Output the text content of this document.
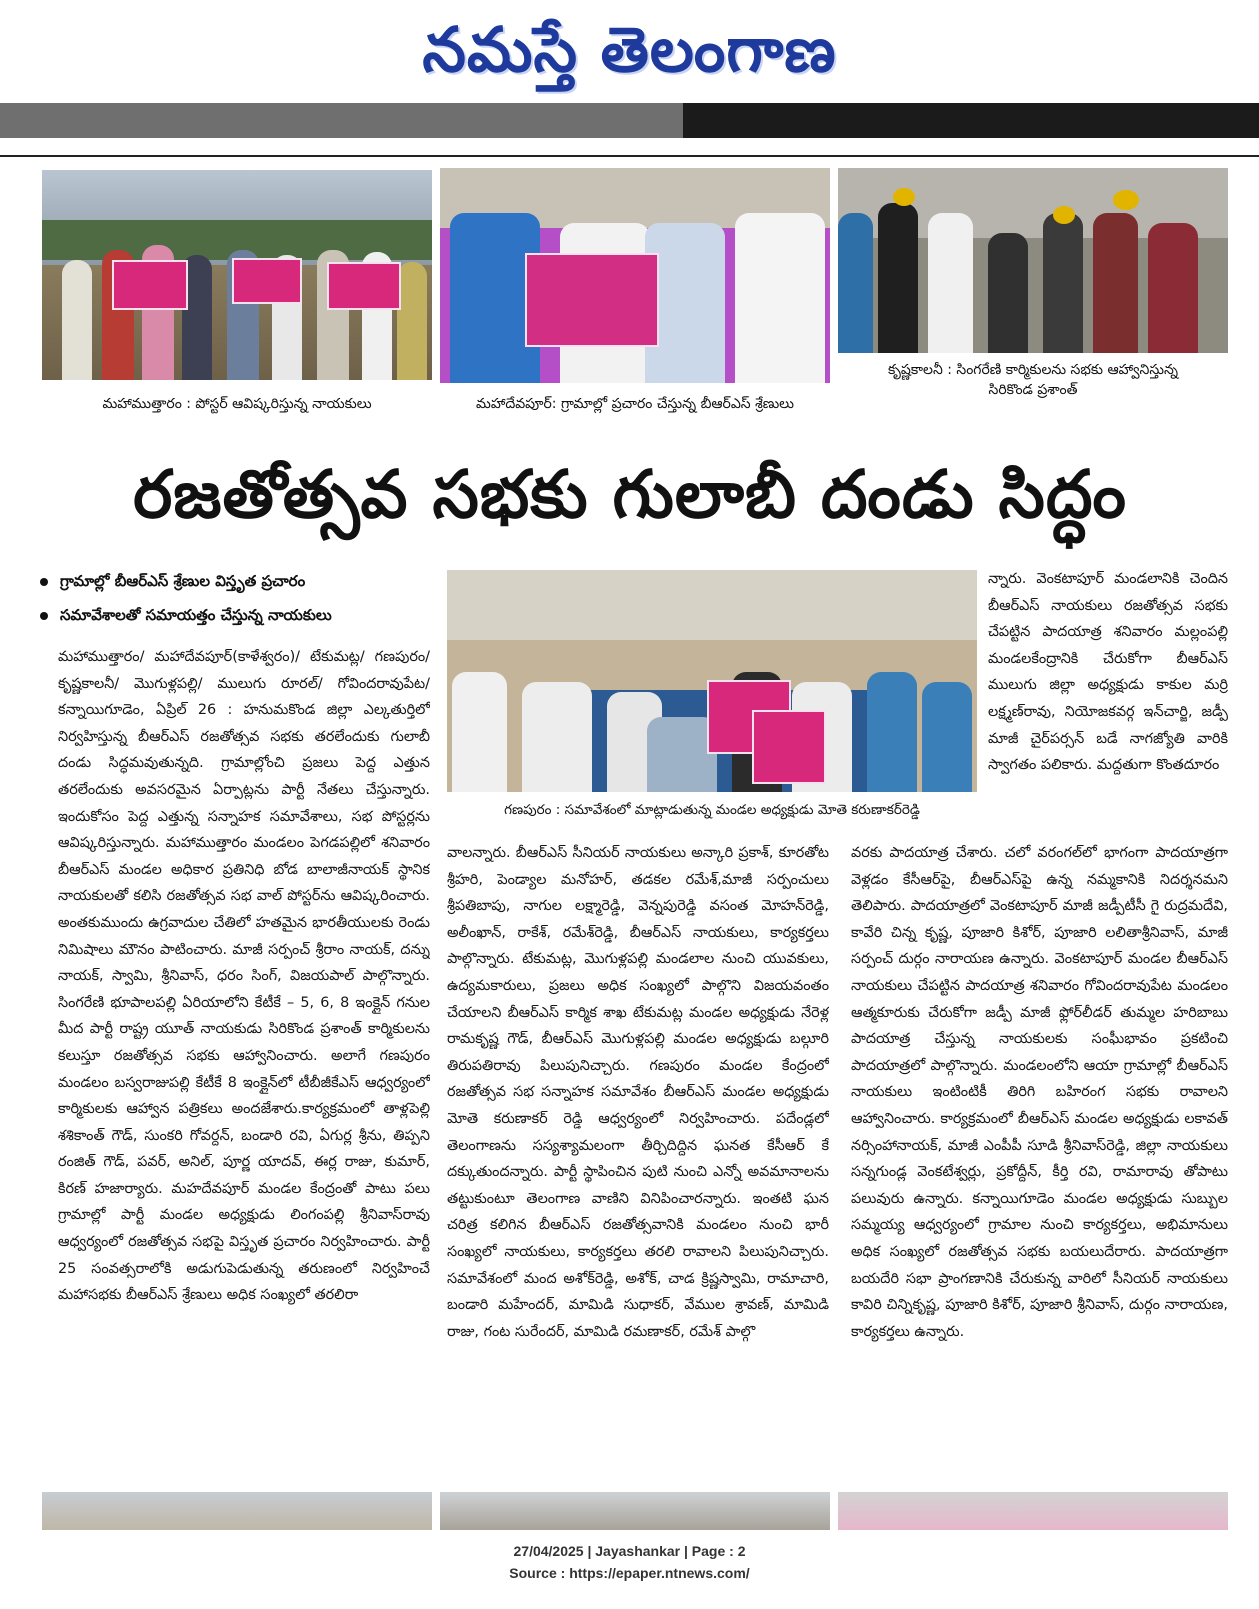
నమస్తే తెలంగాణ
మహాముత్తారం : పోస్టర్ ఆవిష్కరిస్తున్న నాయకులు	మహాదేవపూర్: గ్రామాల్లో ప్రచారం చేస్తున్న బీఆర్ఎస్ శ్రేణులు
కృష్ణకాలనీ : సింగరేణి కార్మికులను సభకు ఆహ్వానిస్తున్న
సిరికొండ ప్రశాంత్
రజతోత్సవ సభకు గులాబీ దండు సిద్ధం
గ్రామాల్లో బీఆర్ఎస్ శ్రేణుల విస్తృత ప్రచారం
సమావేశాలతో సమాయత్తం చేస్తున్న నాయకులు
గణపురం : సమావేశంలో మాట్లాడుతున్న మండల అధ్యక్షుడు మోతె కరుణాకర్‌రెడ్డి

మహాముత్తారం/ మహాదేవపూర్(కాళేశ్వరం)/ టేకుమట్ల/ గణపురం/ కృష్ణకాలనీ/ మొగుళ్లపల్లి/ ములుగు రూరల్/ గోవిందరావుపేట/ కన్నాయిగూడెం, ఏప్రిల్ 26 : హనుమకొండ జిల్లా ఎల్కతుర్తిలో నిర్వహిస్తున్న బీఆర్ఎస్ రజతోత్సవ సభకు తరలేందుకు గులాబీ దండు సిద్ధమవుతున్నది. గ్రామాల్లోంచి ప్రజలు పెద్ద ఎత్తున తరలేందుకు అవసరమైన ఏర్పాట్లను పార్టీ నేతలు చేస్తున్నారు. ఇందుకోసం పెద్ద ఎత్తున్న సన్నాహక సమావేశాలు, సభ పోస్టర్లను ఆవిష్కరిస్తున్నారు. మహాముత్తారం మండలం పెగడపల్లిలో శనివారం బీఆర్ఎస్ మండల అధికార ప్రతినిధి బోడ బాలాజీనాయక్ స్థానిక నాయకులతో కలిసి రజతోత్సవ సభ వాల్ పోస్టర్‌ను ఆవిష్కరించారు. అంతకుముందు ఉగ్రవాదుల చేతిలో హతమైన భారతీయులకు రెండు నిమిషాలు మౌనం పాటించారు. మాజీ సర్పంచ్ శ్రీరాం నాయక్, దన్ను నాయక్, స్వామి, శ్రీనివాస్, ధరం సింగ్, విజయపాల్ పాల్గొన్నారు. సింగరేణి భూపాలపల్లి ఏరియాలోని కేటీకే – 5, 6, 8 ఇంక్లైన్ గనుల మీద పార్టీ రాష్ట్ర యూత్ నాయకుడు సిరికొండ ప్రశాంత్ కార్మికులను కలుస్తూ రజతోత్సవ సభకు ఆహ్వానించారు. అలాగే గణపురం మండలం బస్వరాజుపల్లి కేటీకే 8 ఇంక్లైన్‌లో టీబీజీకేఎస్ ఆధ్వర్యంలో కార్మికులకు ఆహ్వాన పత్రికలు అందజేశారు.కార్యక్రమంలో తాళ్లపెల్లి శశికాంత్ గౌడ్, సుంకరి గోవర్దన్, బండారి రవి, ఏగుర్ల శ్రీను, తిప్పని రంజిత్ గౌడ్, పవర్, అనిల్, పూర్ణ యాదవ్, ఈర్ల రాజు, కుమార్, కిరణ్ హజార్యారు. మహదేవపూర్ మండల కేంద్రంతో పాటు పలు గ్రామాల్లో పార్టీ మండల అధ్యక్షుడు లింగంపల్లి శ్రీనివాస్‌రావు ఆధ్వర్యంలో రజతోత్సవ సభపై విస్తృత ప్రచారం నిర్వహించారు. పార్టీ 25 సంవత్సరాలోకి అడుగుపెడుతున్న తరుణంలో నిర్వహించే మహాసభకు బీఆర్ఎస్ శ్రేణులు అధిక సంఖ్యలో తరలిరా

వాలన్నారు. బీఆర్ఎస్ సీనియర్ నాయకులు అన్కారి ప్రకాశ్, కూరతోట శ్రీహరి, పెండ్యాల మనోహర్, తడకల రమేశ్,మాజీ సర్పంచులు శ్రీపతిబాపు, నాగుల లక్ష్మారెడ్డి, వెన్నపురెడ్డి వసంత మోహన్‌రెడ్డి, అలీంఖాన్, రాకేశ్, రమేశ్‌రెడ్డి, బీఆర్ఎస్ నాయకులు, కార్యకర్తలు పాల్గొన్నారు. టేకుమట్ల, మొగుళ్లపల్లి మండలాల నుంచి యువకులు, ఉద్యమకారులు, ప్రజలు అధిక సంఖ్యలో పాల్గొని విజయవంతం చేయాలని బీఆర్ఎస్ కార్మిక శాఖ టేకుమట్ల మండల అధ్యక్షుడు నేరెళ్ల రామకృష్ణ గౌడ్, బీఆర్ఎస్ మొగుళ్లపల్లి మండల అధ్యక్షుడు బల్గూరి తిరుపతిరావు పిలుపునిచ్చారు. గణపురం మండల కేంద్రంలో రజతోత్సవ సభ సన్నాహక సమావేశం బీఆర్ఎస్ మండల అధ్యక్షుడు మోతె కరుణాకర్ రెడ్డి ఆధ్వర్యంలో నిర్వహించారు. పదేండ్లలో తెలంగాణను సస్యశ్యామలంగా తీర్చిదిద్దిన ఘనత కేసీఆర్ కే దక్కుతుందన్నారు. పార్టీ స్థాపించిన పుటి నుంచి ఎన్నో అవమానాలను తట్టుకుంటూ తెలంగాణ వాణిని వినిపించారన్నారు. ఇంతటి ఘన చరిత్ర కలిగిన బీఆర్ఎస్ రజతోత్సవానికి మండలం నుంచి భారీ సంఖ్యలో నాయకులు, కార్యకర్తలు తరలి రావాలని పిలుపునిచ్చారు. సమావేశంలో మంద అశోక్‌రెడ్డి, అశోక్, చాడ క్రిష్ణస్వామి, రామాచారి, బండారి మహేందర్, మామిడి సుధాకర్, వేముల శ్రావణ్, మామిడి రాజు, గంట సురేందర్, మామిడి రమణాకర్, రమేశ్ పాల్గొ

న్నారు. వెంకటాపూర్ మండలానికి చెందిన బీఆర్ఎస్ నాయకులు రజతోత్సవ సభకు చేపట్టిన పాదయాత్ర శనివారం మల్లంపల్లి మండలకేంద్రానికి చేరుకోగా బీఆర్ఎస్ ములుగు జిల్లా అధ్యక్షుడు కాకుల మర్రి లక్ష్మణ్‌రావు, నియోజకవర్గ ఇన్‌చార్జి, జడ్పీ మాజీ చైర్‌పర్సన్ బడే నాగజ్యోతి వారికి స్వాగతం పలికారు. మద్దతుగా కొంతదూరం

వరకు పాదయాత్ర చేశారు. చలో వరంగల్‌లో భాగంగా పాదయాత్రగా వెళ్లడం కేసీఆర్‌పై, బీఆర్ఎస్‌పై ఉన్న నమ్మకానికి నిదర్శనమని తెలిపారు. పాదయాత్రలో వెంకటాపూర్ మాజీ జడ్పీటీసీ గై రుద్రమదేవి, కావేరి చిన్న కృష్ణ, పూజారి కిశోర్, పూజారి లలితాశ్రీనివాస్, మాజీ సర్పంచ్ దుర్గం నారాయణ ఉన్నారు. వెంకటాపూర్ మండల బీఆర్ఎస్ నాయకులు చేపట్టిన పాదయాత్ర శనివారం గోవిందరావుపేట మండలం ఆత్మకూరుకు చేరుకోగా జడ్పీ మాజీ ఫ్లోర్‌లీడర్ తుమ్మల హరిబాబు పాదయాత్ర చేస్తున్న నాయకులకు సంఘీభావం ప్రకటించి పాదయాత్రలో పాల్గొన్నారు. మండలంలోని ఆయా గ్రామాల్లో బీఆర్ఎస్ నాయకులు ఇంటింటికీ తిరిగి బహిరంగ సభకు రావాలని ఆహ్వానించారు. కార్యక్రమంలో బీఆర్ఎస్ మండల అధ్యక్షుడు లకావత్ నర్సింహానాయక్, మాజీ ఎంపీపీ సూడి శ్రీనివాస్‌రెడ్డి, జిల్లా నాయకులు సన్నగుండ్ల వెంకటేశ్వర్లు, ప్రకోద్దీన్, కీర్తి రవి, రామారావు తోపాటు పలువురు ఉన్నారు. కన్నాయిగూడెం మండల అధ్యక్షుడు సుబ్బుల సమ్మయ్య ఆధ్వర్యంలో గ్రామాల నుంచి కార్యకర్తలు, అభిమానులు అధిక సంఖ్యలో రజతోత్సవ సభకు బయలుదేరారు. పాదయాత్రగా బయదేరి సభా ప్రాంగణానికి చేరుకున్న వారిలో సీనియర్ నాయకులు కావిరి చిన్నికృష్ణ, పూజారి కిశోర్, పూజారి శ్రీనివాస్, దుర్గం నారాయణ, కార్యకర్తలు ఉన్నారు.

27/04/2025 | Jayashankar | Page : 2
Source : https://epaper.ntnews.com/
